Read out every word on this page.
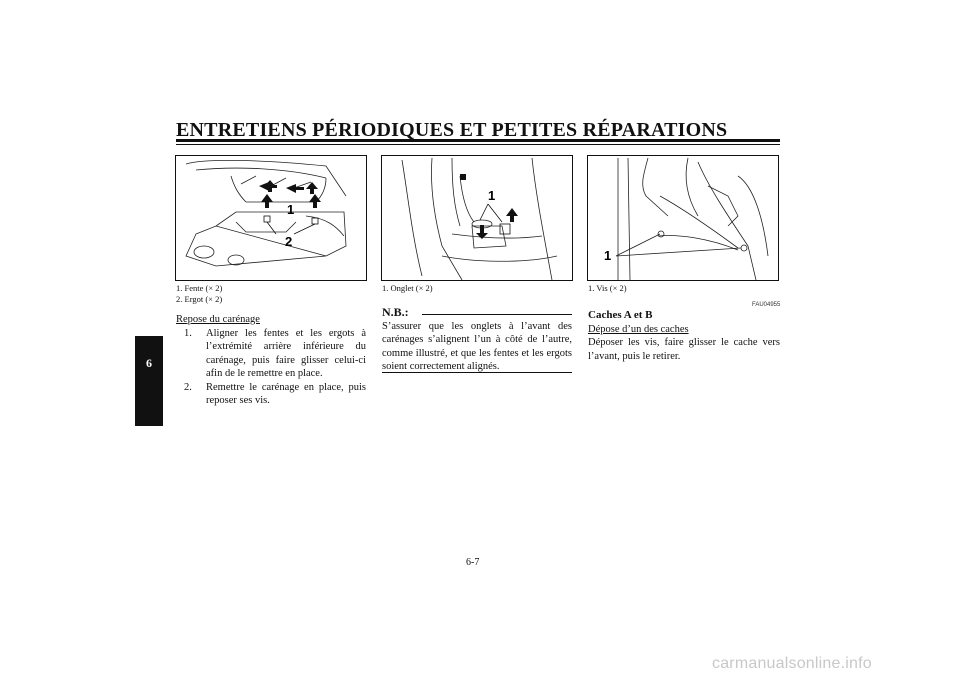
ENTRETIENS PÉRIODIQUES ET PETITES RÉPARATIONS
6
1
2
1. Fente (× 2)
2. Ergot (× 2)
1
1. Onglet (× 2)
1
1. Vis (× 2)
Repose du carénage
1. Aligner les fentes et les ergots à l’extrémité arrière inférieure du carénage, puis faire glisser celui-ci afin de le remettre en place.
2. Remettre le carénage en place, puis reposer ses vis.
N.B.:
S’assurer que les onglets à l’avant des carénages s’alignent l’un à côté de l’autre, comme illustré, et que les fentes et les ergots soient correctement alignés.
FAU04955
Caches A et B
Dépose d’un des caches
Déposer les vis, faire glisser le cache vers l’avant, puis le retirer.
6-7
carmanualsonline.info
